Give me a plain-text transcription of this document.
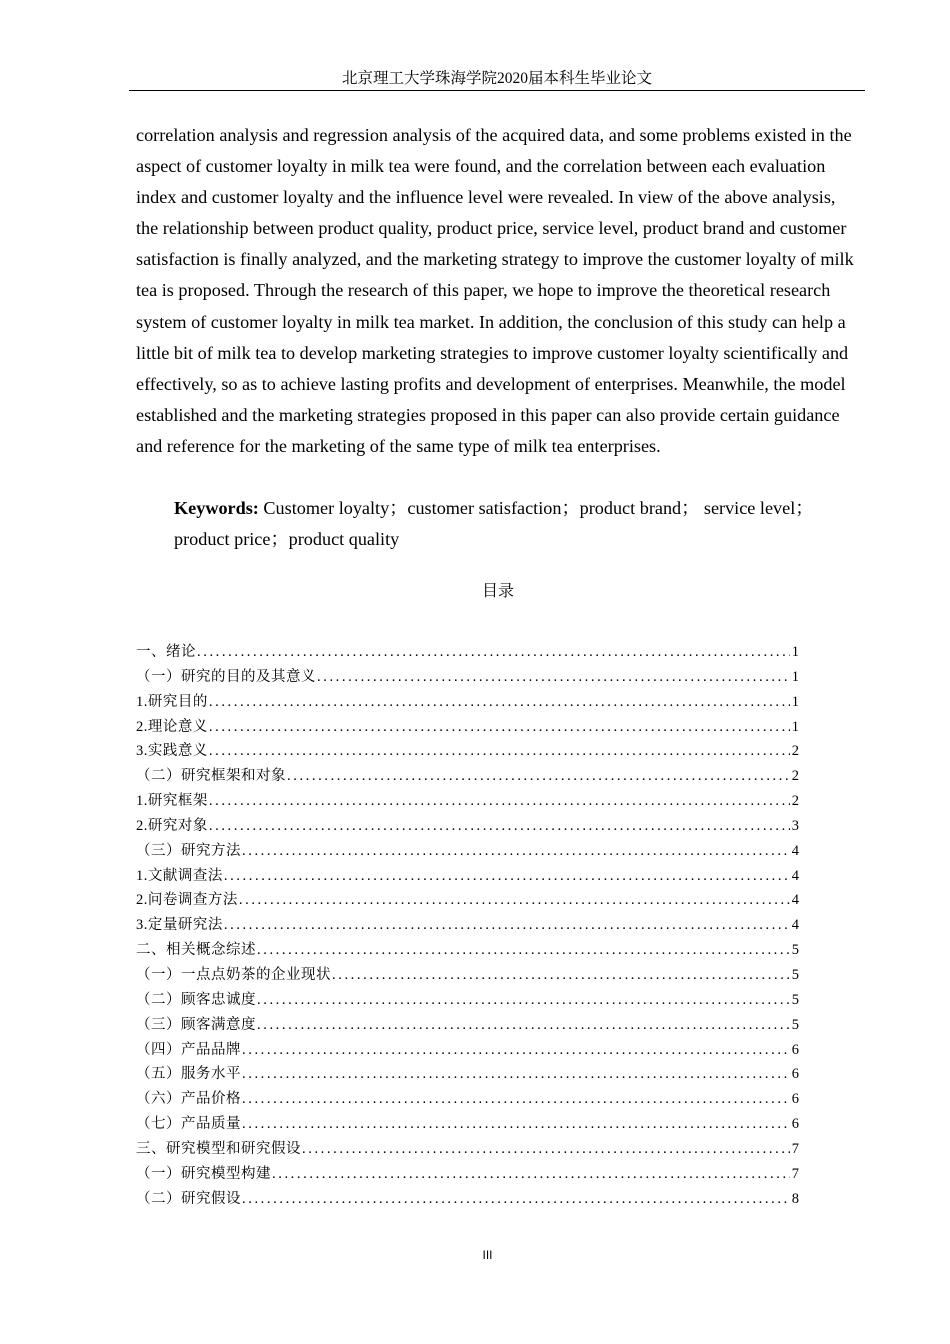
北京理工大学珠海学院2020届本科生毕业论文

correlation analysis and regression analysis of the acquired data, and some problems existed in the aspect of customer loyalty in milk tea were found, and the correlation between each evaluation index and customer loyalty and the influence level were revealed. In view of the above analysis, the relationship between product quality, product price, service level, product brand and customer satisfaction is finally analyzed, and the marketing strategy to improve the customer loyalty of milk tea is proposed. Through the research of this paper, we hope to improve the theoretical research system of customer loyalty in milk tea market. In addition, the conclusion of this study can help a little bit of milk tea to develop marketing strategies to improve customer loyalty scientifically and effectively, so as to achieve lasting profits and development of enterprises. Meanwhile, the model established and the marketing strategies proposed in this paper can also provide certain guidance and reference for the marketing of the same type of milk tea enterprises.

Keywords: Customer loyalty；customer satisfaction；product brand； service level；product price；product quality
目录
一、绪论 .....	1
（一）研究的目的及其意义 .....	1
1.研究目的 .....	1
2.理论意义 .....	1
3.实践意义 .....	2
（二）研究框架和对象 .....	2
1.研究框架 .....	2
2.研究对象 .....	3
（三）研究方法 .....	4
1.文献调查法 .....	4
2.问卷调查方法 .....	4
3.定量研究法 .....	4
二、相关概念综述 .....	5
（一）一点点奶茶的企业现状 .....	5
（二）顾客忠诚度 .....	5
（三）顾客满意度 .....	5
（四）产品品牌 .....	6
（五）服务水平 .....	6
（六）产品价格 .....	6
（七）产品质量 .....	6
三、研究模型和研究假设 .....	7
（一）研究模型构建 .....	7
（二）研究假设 .....	8
III
